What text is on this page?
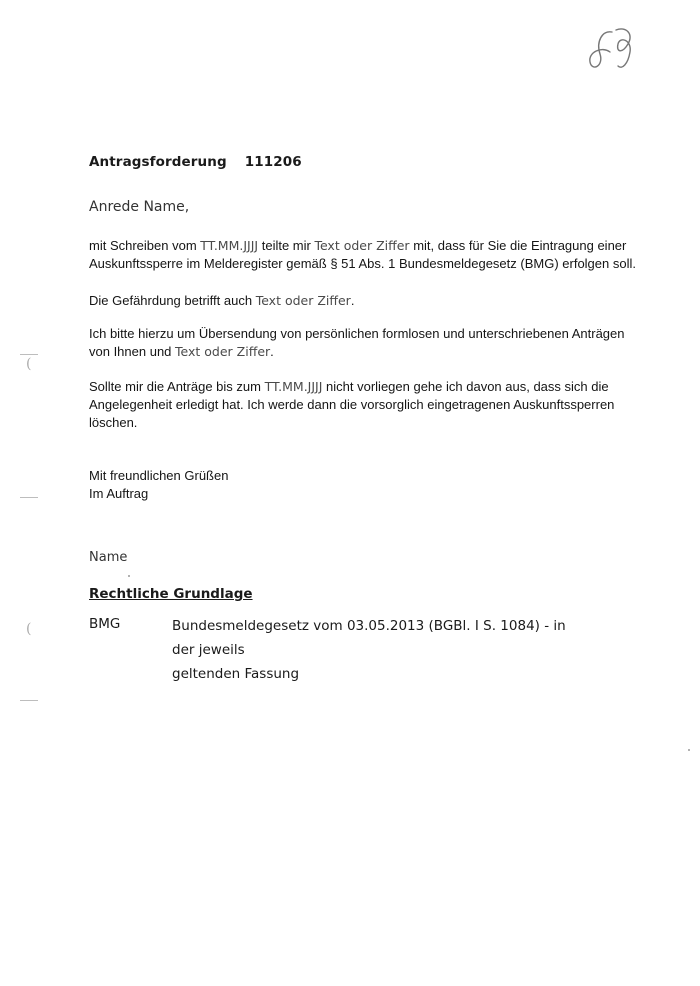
(
(
Antragsforderung 111206
Anrede Name,
mit Schreiben vom TT.MM.JJJJ teilte mir Text oder Ziffer mit, dass für Sie die Eintragung einer
Auskunftssperre im Melderegister gemäß § 51 Abs. 1 Bundesmeldegesetz (BMG) erfolgen soll.
Die Gefährdung betrifft auch Text oder Ziffer.
Ich bitte hierzu um Übersendung von persönlichen formlosen und unterschriebenen Anträgen
von Ihnen und Text oder Ziffer.
Sollte mir die Anträge bis zum TT.MM.JJJJ nicht vorliegen gehe ich davon aus, dass sich die
Angelegenheit erledigt hat. Ich werde dann die vorsorglich eingetragenen Auskunftssperren
löschen.
Mit freundlichen Grüßen
Im Auftrag
Name
Rechtliche Grundlage
BMG	Bundesmeldegesetz vom 03.05.2013 (BGBl. I S. 1084) - in der jeweils
geltenden Fassung
